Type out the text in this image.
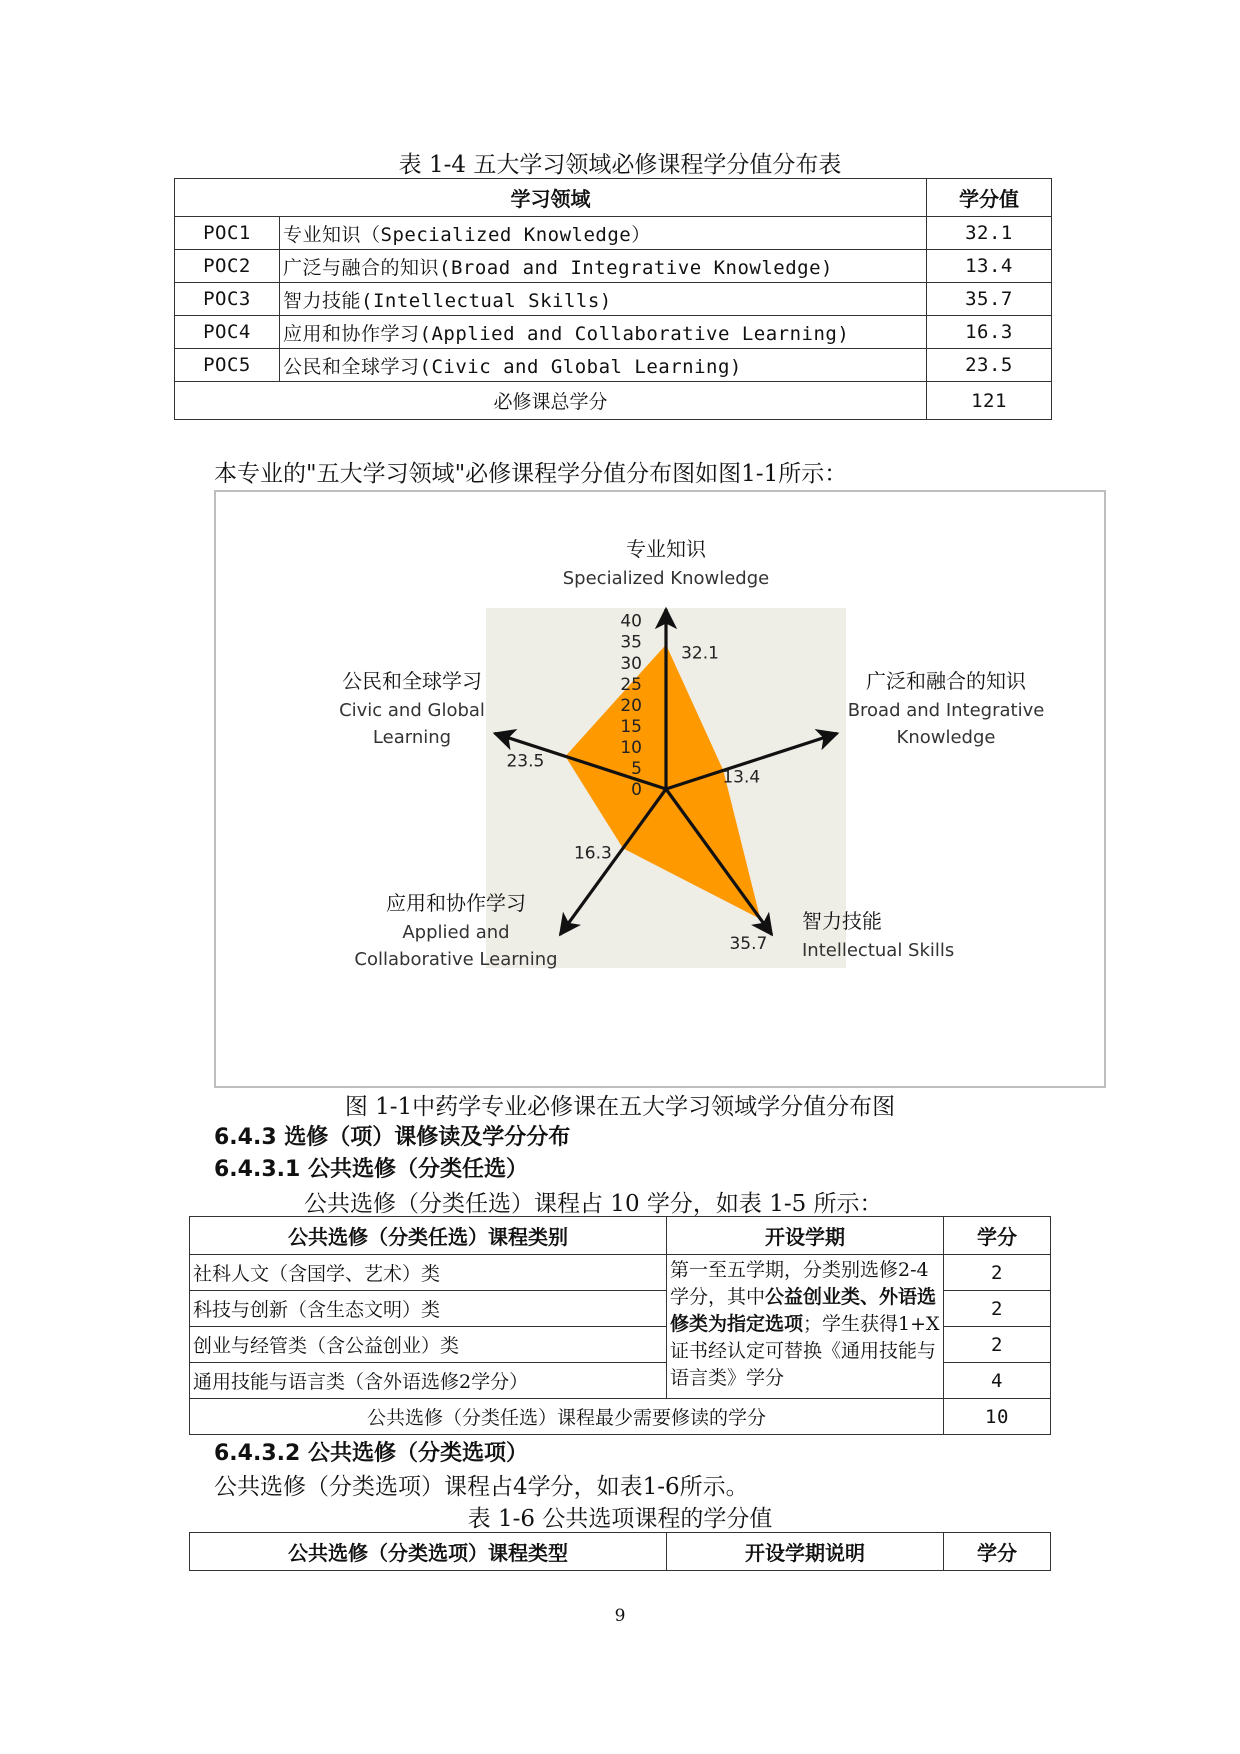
表 1-4 五大学习领域必修课程学分值分布表
学习领域		学分值
POC1	专业知识（Specialized Knowledge）	32.1
POC2	广泛与融合的知识(Broad and Integrative Knowledge)	13.4
POC3	智力技能(Intellectual Skills)	35.7
POC4	应用和协作学习(Applied and Collaborative Learning)	16.3
POC5	公民和全球学习(Civic and Global Learning)	23.5
必修课总学分		121
本专业的"五大学习领域"必修课程学分值分布图如图1-1所示：
0
5
10
15
20
25
30
35
40
32.1
13.4
35.7
16.3
23.5
专业知识
Specialized Knowledge
广泛和融合的知识
Broad and Integrative
Knowledge
智力技能
Intellectual Skills
应用和协作学习
Applied and
Collaborative Learning
公民和全球学习
Civic and Global
Learning
图 1-1中药学专业必修课在五大学习领域学分值分布图
6.4.3 选修（项）课修读及学分分布
6.4.3.1 公共选修（分类任选）
公共选修（分类任选）课程占 10 学分，如表 1-5 所示：
公共选修（分类任选）课程类别	开设学期	学分
社科人文（含国学、艺术）类	第一至五学期，分类别选修2-4学分，其中公益创业类、外语选修类为指定选项；学生获得1+X证书经认定可替换《通用技能与语言类》学分	2
科技与创新（含生态文明）类		2
创业与经管类（含公益创业）类		2
通用技能与语言类（含外语选修2学分）		4
公共选修（分类任选）课程最少需要修读的学分		10
6.4.3.2 公共选修（分类选项）
公共选修（分类选项）课程占4学分，如表1-6所示。
表 1-6 公共选项课程的学分值
公共选修（分类选项）课程类型	开设学期说明	学分
9
